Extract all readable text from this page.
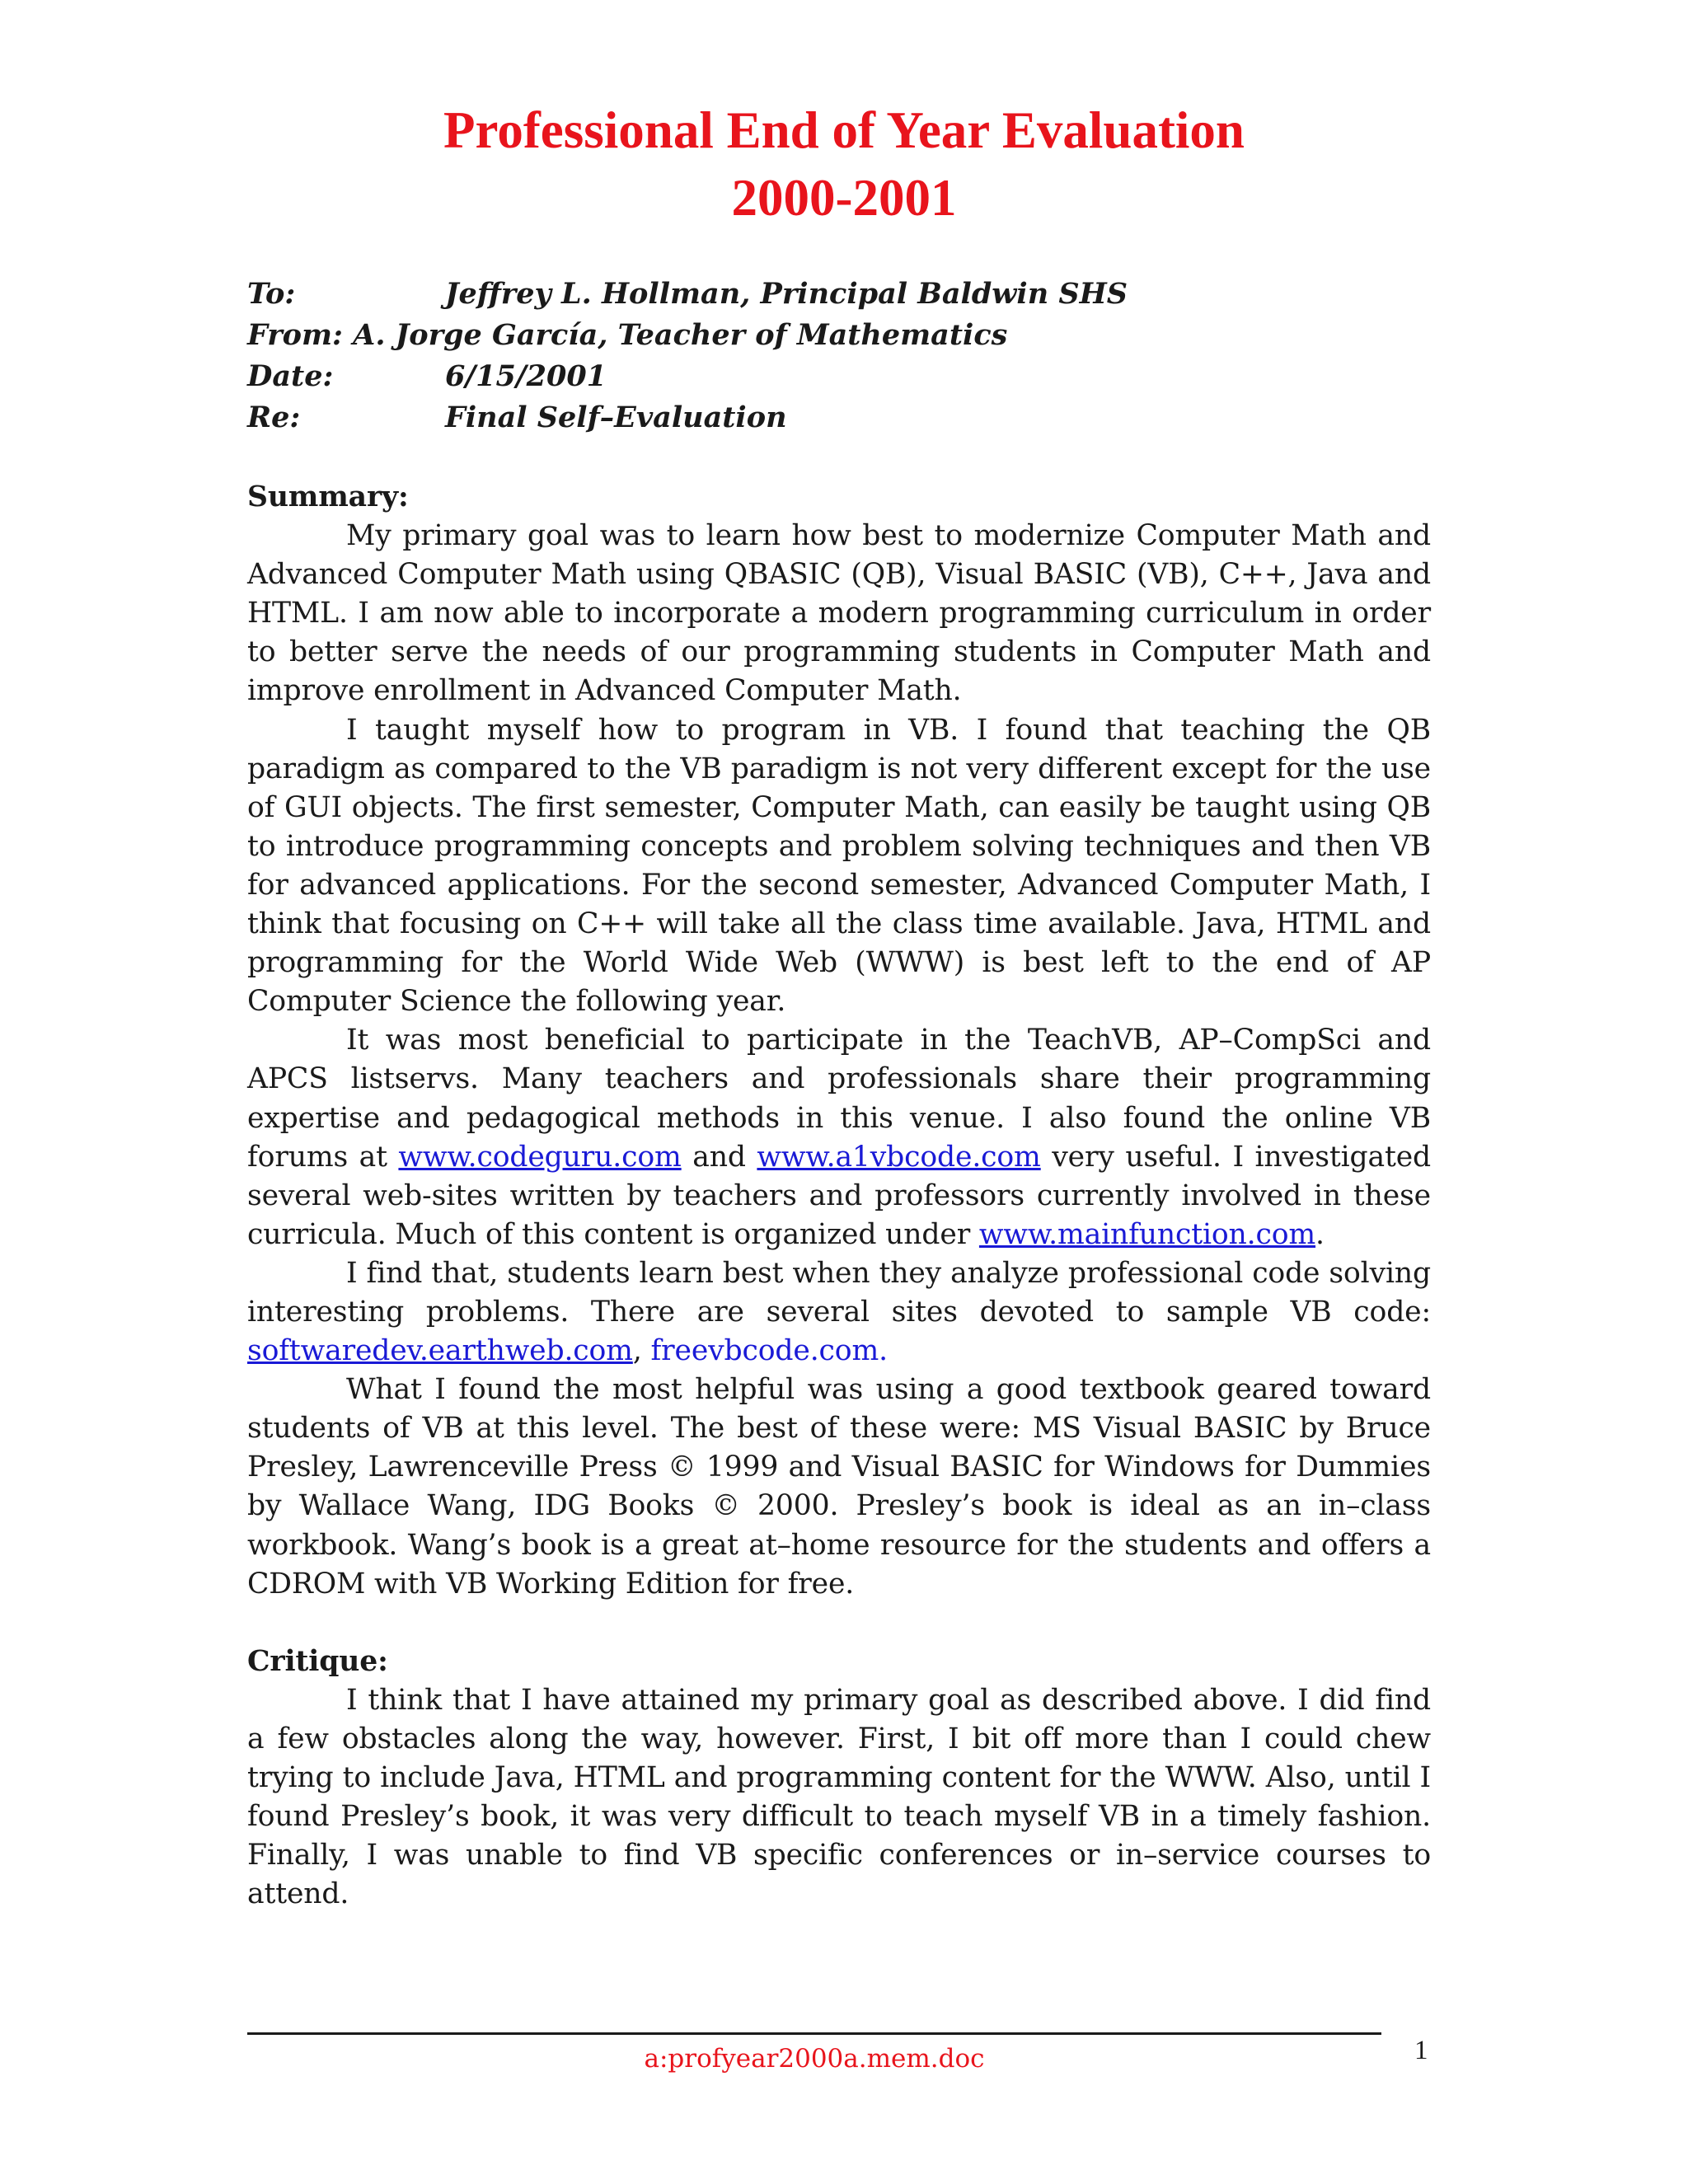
Professional End of Year Evaluation
2000-2001
To:	Jeffrey L. Hollman, Principal Baldwin SHS
From: A. Jorge García, Teacher of Mathematics
Date:	6/15/2001
Re:	Final Self–Evaluation
Summary:

My primary goal was to learn how best to modernize Computer Math and Advanced Computer Math using QBASIC (QB), Visual BASIC (VB), C++, Java and HTML. I am now able to incorporate a modern programming curriculum in order to better serve the needs of our programming students in Computer Math and improve enrollment in Advanced Computer Math.

I taught myself how to program in VB. I found that teaching the QB paradigm as compared to the VB paradigm is not very different except for the use of GUI objects. The first semester, Computer Math, can easily be taught using QB to introduce programming concepts and problem solving techniques and then VB for advanced applications. For the second semester, Advanced Computer Math, I think that focusing on C++ will take all the class time available. Java, HTML and programming for the World Wide Web (WWW) is best left to the end of AP Computer Science the following year.

It was most beneficial to participate in the TeachVB, AP–CompSci and APCS listservs. Many teachers and professionals share their programming expertise and pedagogical methods in this venue. I also found the online VB forums at www.codeguru.com and www.a1vbcode.com very useful. I investigated several web-sites written by teachers and professors currently involved in these curricula. Much of this content is organized under www.mainfunction.com.

I find that, students learn best when they analyze professional code solving interesting problems. There are several sites devoted to sample VB code: softwaredev.earthweb.com, freevbcode.com.

What I found the most helpful was using a good textbook geared toward students of VB at this level. The best of these were: MS Visual BASIC by Bruce Presley, Lawrenceville Press © 1999 and Visual BASIC for Windows for Dummies by Wallace Wang, IDG Books © 2000. Presley’s book is ideal as an in–class workbook. Wang’s book is a great at–home resource for the students and offers a CDROM with VB Working Edition for free.

Critique:

I think that I have attained my primary goal as described above. I did find a few obstacles along the way, however. First, I bit off more than I could chew trying to include Java, HTML and programming content for the WWW. Also, until I found Presley’s book, it was very difficult to teach myself VB in a timely fashion. Finally, I was unable to find VB specific conferences or in–service courses to attend.

a:profyear2000a.mem.doc	1
